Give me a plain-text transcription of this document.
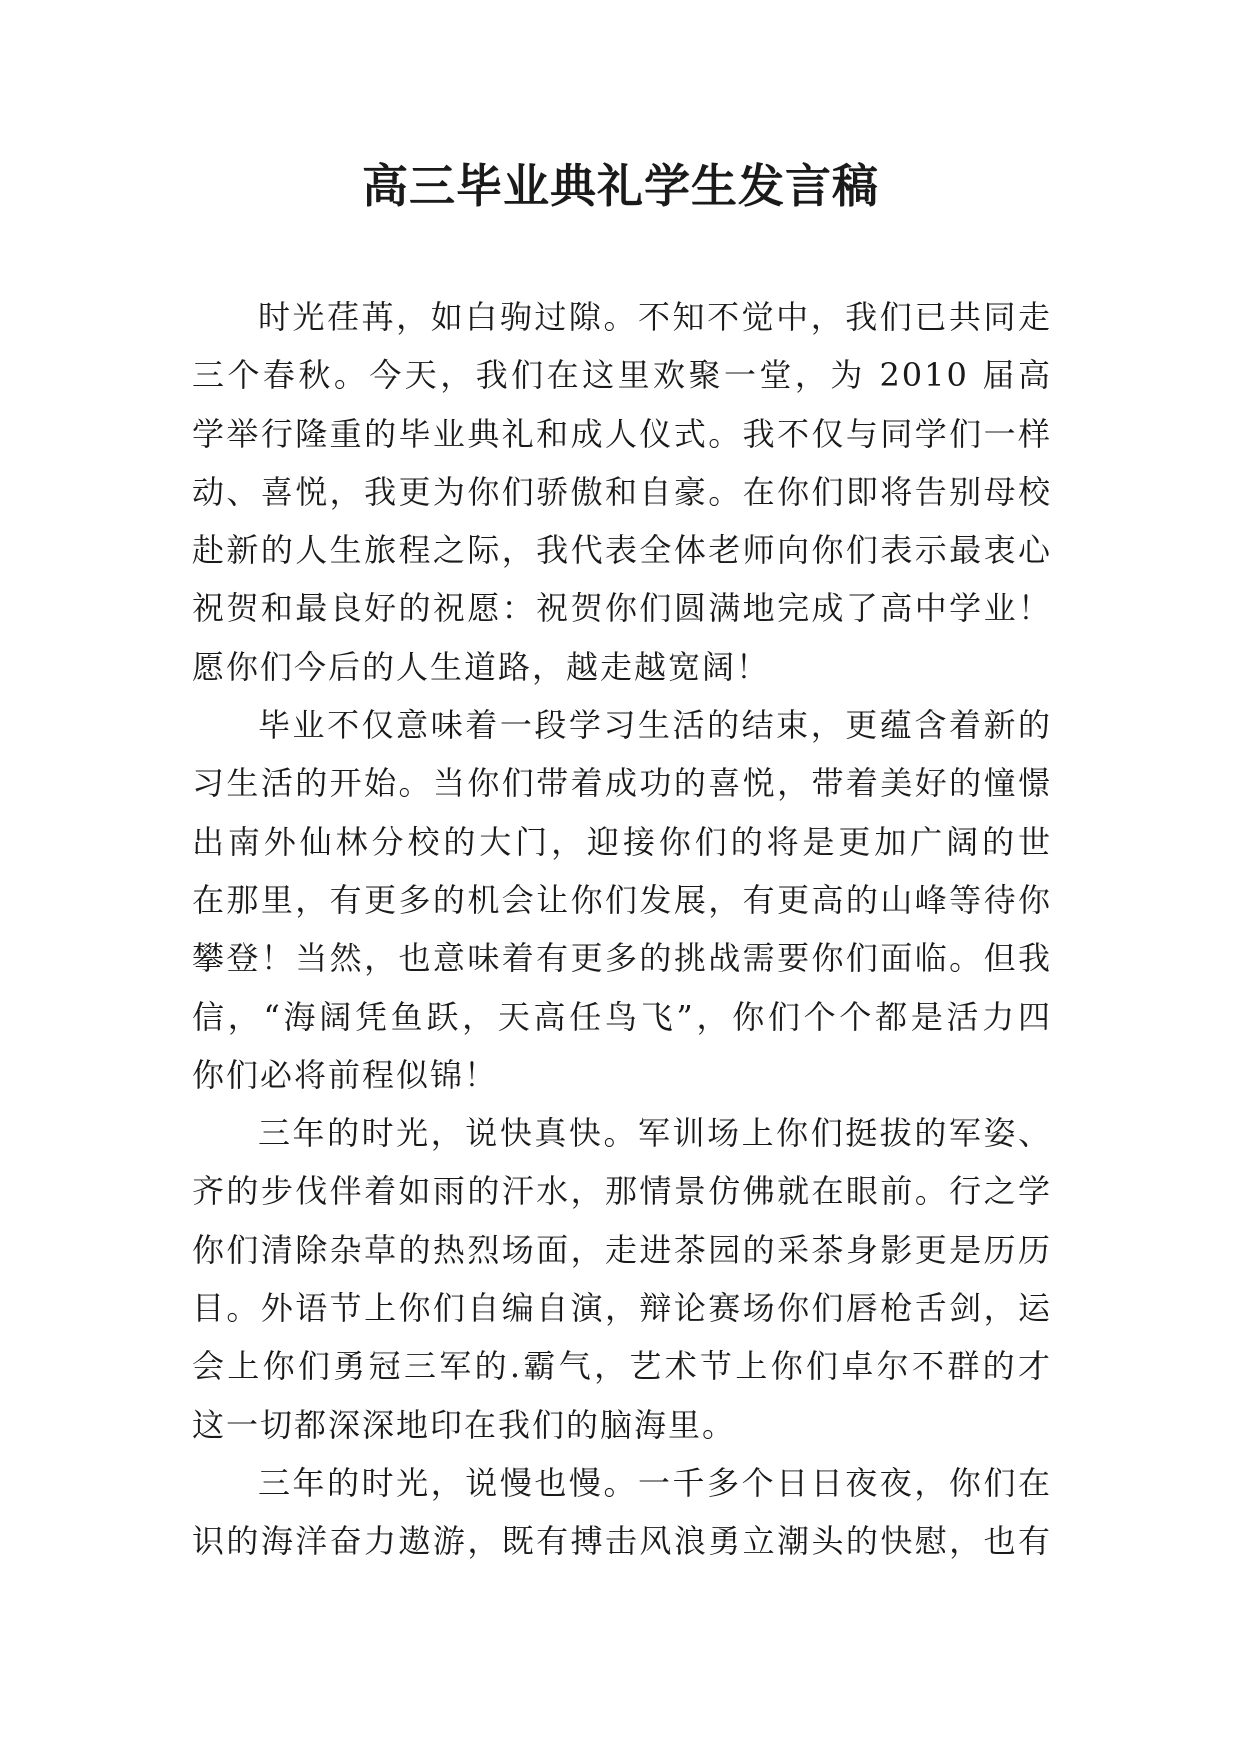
高三毕业典礼学生发言稿
时光荏苒，如白驹过隙。不知不觉中，我们已共同走
三个春秋。今天，我们在这里欢聚一堂，为 2010 届高
学举行隆重的毕业典礼和成人仪式。我不仅与同学们一样
动、喜悦，我更为你们骄傲和自豪。在你们即将告别母校
赴新的人生旅程之际，我代表全体老师向你们表示最衷心
祝贺和最良好的祝愿：祝贺你们圆满地完成了高中学业！
愿你们今后的人生道路，越走越宽阔！
毕业不仅意味着一段学习生活的结束，更蕴含着新的
习生活的开始。当你们带着成功的喜悦，带着美好的憧憬
出南外仙林分校的大门，迎接你们的将是更加广阔的世
在那里，有更多的机会让你们发展，有更高的山峰等待你
攀登！当然，也意味着有更多的挑战需要你们面临。但我
信，“海阔凭鱼跃，天高任鸟飞”，你们个个都是活力四
你们必将前程似锦！
三年的时光，说快真快。军训场上你们挺拔的军姿、
齐的步伐伴着如雨的汗水，那情景仿佛就在眼前。行之学
你们清除杂草的热烈场面，走进茶园的采茶身影更是历历
目。外语节上你们自编自演，辩论赛场你们唇枪舌剑，运
会上你们勇冠三军的.霸气，艺术节上你们卓尔不群的才
这一切都深深地印在我们的脑海里。
三年的时光，说慢也慢。一千多个日日夜夜，你们在
识的海洋奋力遨游，既有搏击风浪勇立潮头的快慰，也有
